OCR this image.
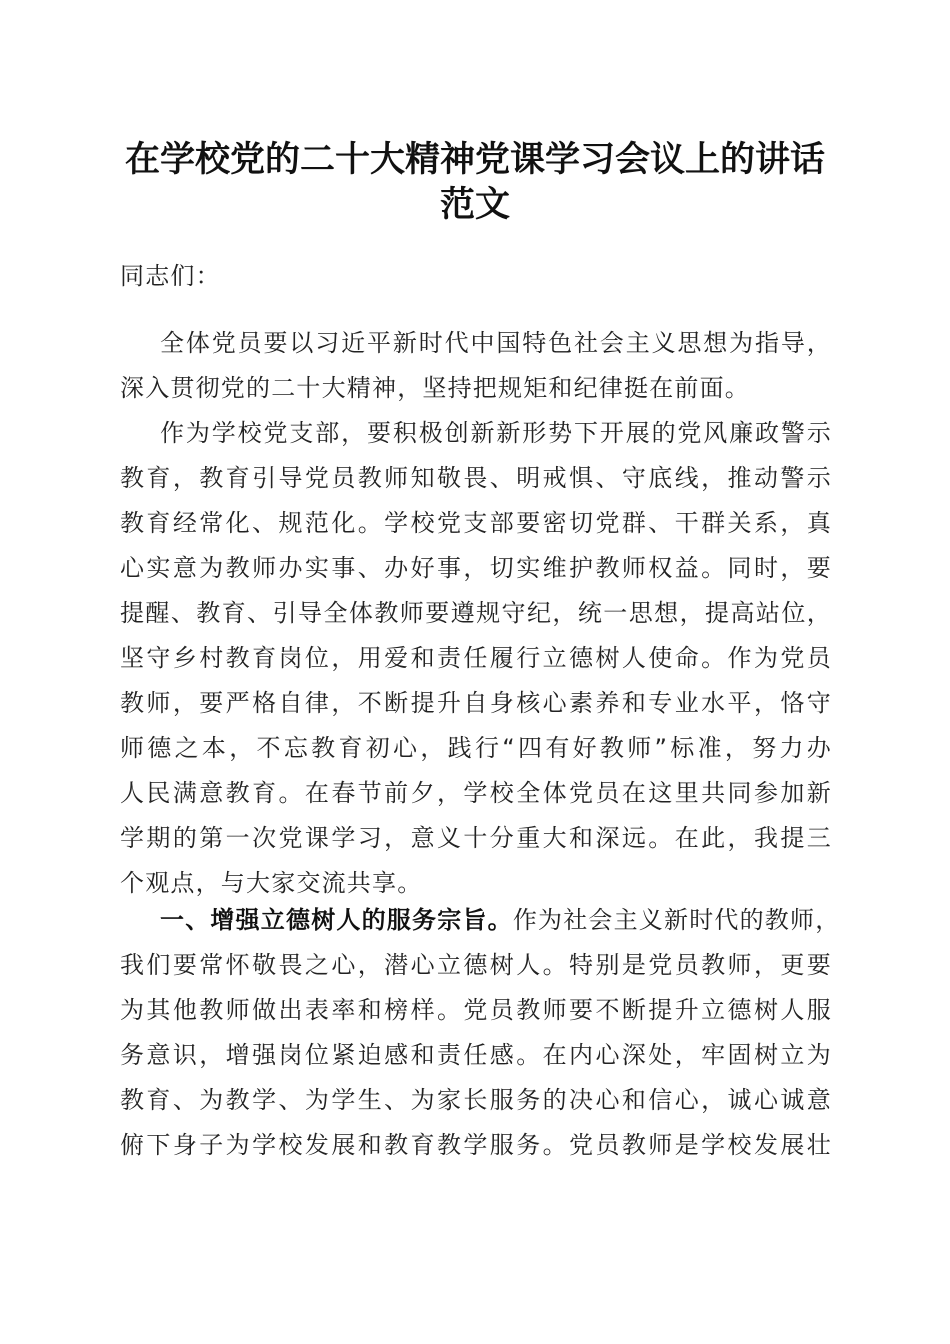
在学校党的二十大精神党课学习会议上的讲话
范文

同志们：

全体党员要以习近平新时代中国特色社会主义思想为指导，
深入贯彻党的二十大精神，坚持把规矩和纪律挺在前面。
作为学校党支部，要积极创新新形势下开展的党风廉政警示
教育，教育引导党员教师知敬畏、明戒惧、守底线，推动警示
教育经常化、规范化。学校党支部要密切党群、干群关系，真
心实意为教师办实事、办好事，切实维护教师权益。同时，要
提醒、教育、引导全体教师要遵规守纪，统一思想，提高站位，
坚守乡村教育岗位，用爱和责任履行立德树人使命。作为党员
教师，要严格自律，不断提升自身核心素养和专业水平，恪守
师德之本，不忘教育初心，践行“四有好教师”标准，努力办
人民满意教育。在春节前夕，学校全体党员在这里共同参加新
学期的第一次党课学习，意义十分重大和深远。在此，我提三
个观点，与大家交流共享。
一、增强立德树人的服务宗旨。作为社会主义新时代的教师，
我们要常怀敬畏之心，潜心立德树人。特别是党员教师，更要
为其他教师做出表率和榜样。党员教师要不断提升立德树人服
务意识，增强岗位紧迫感和责任感。在内心深处，牢固树立为
教育、为教学、为学生、为家长服务的决心和信心，诚心诚意
俯下身子为学校发展和教育教学服务。党员教师是学校发展壮
